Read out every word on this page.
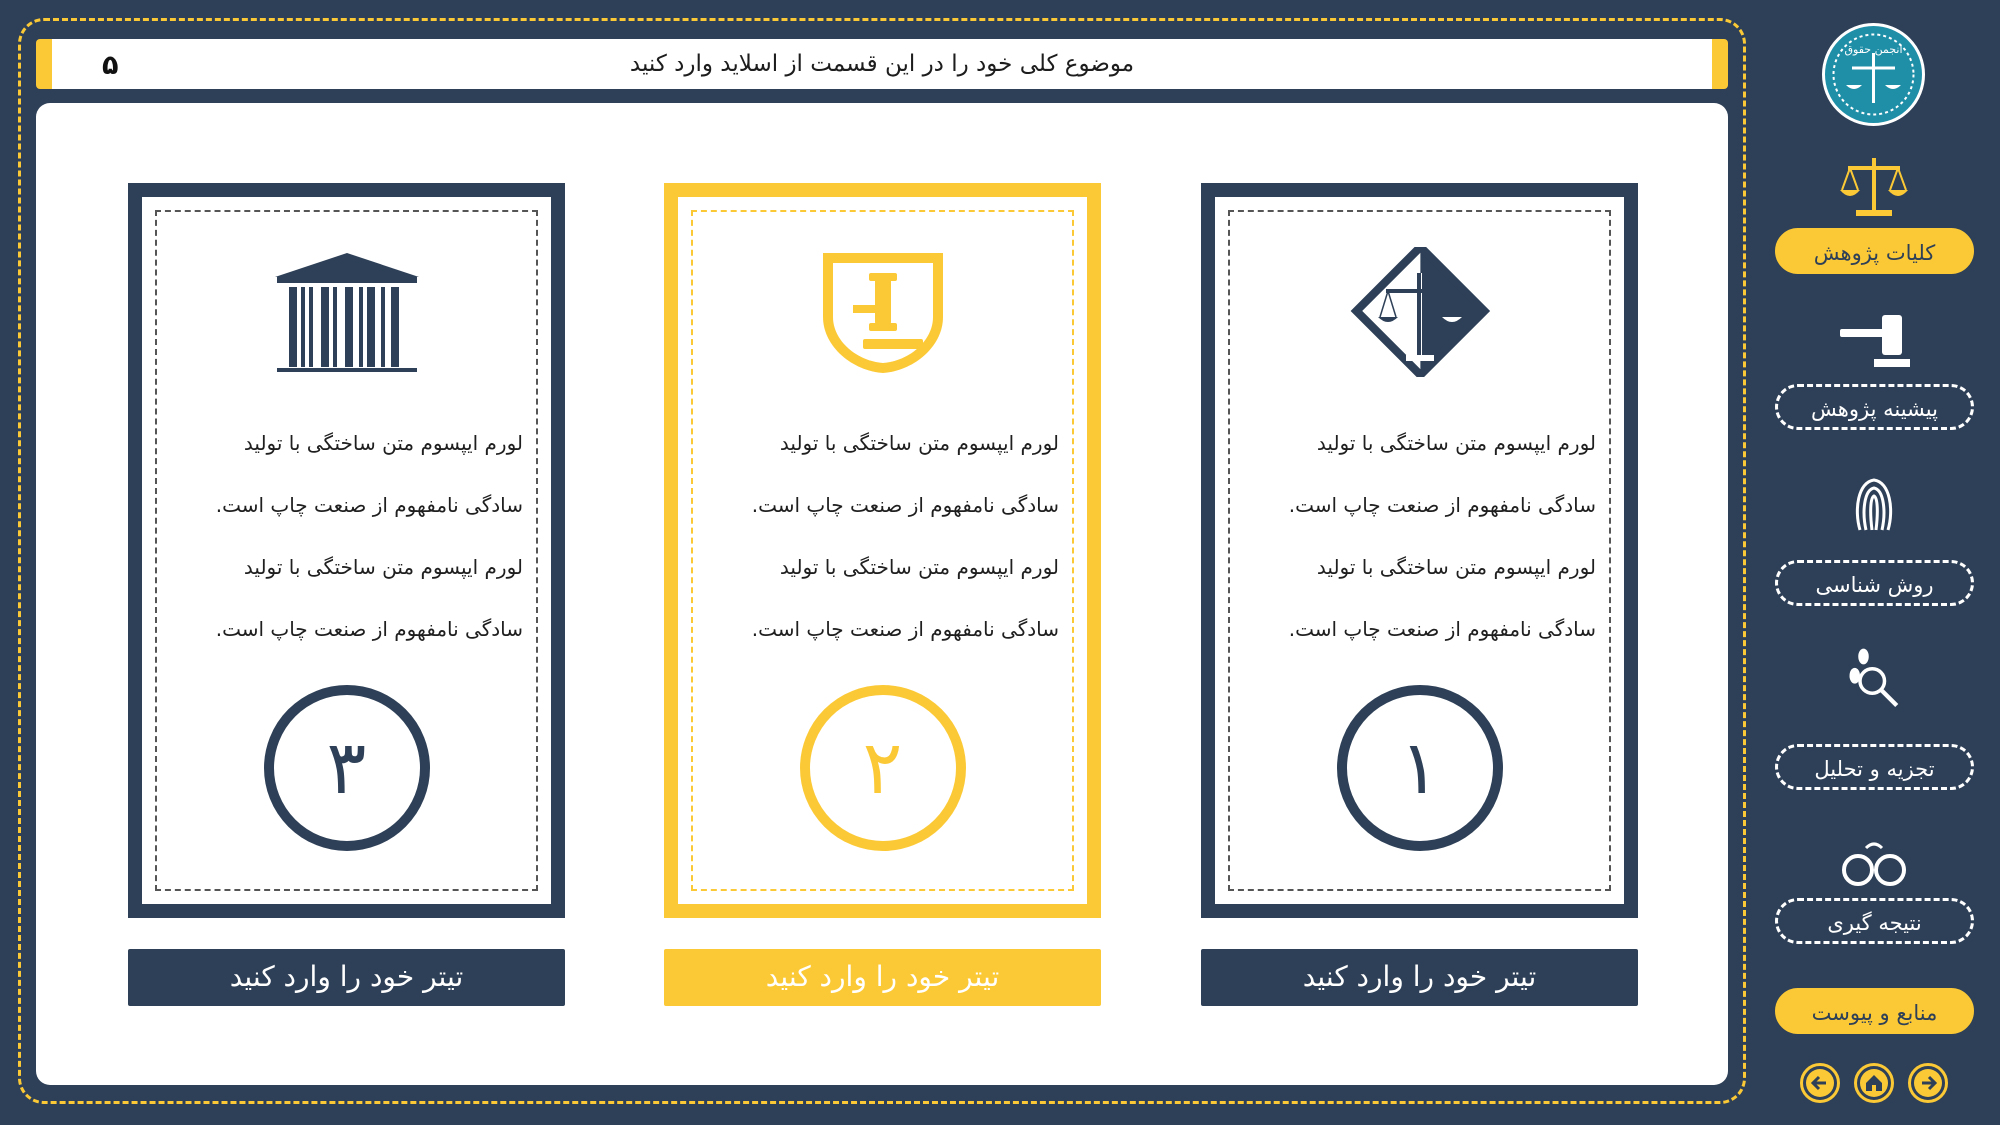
موضوع کلی خود را در این قسمت از اسلاید وارد کنید
۵

لورم ایپسوم متن ساختگی با تولید

سادگی نامفهوم از صنعت چاپ است.

لورم ایپسوم متن ساختگی با تولید

سادگی نامفهوم از صنعت چاپ است.

۳
تیتر خود را وارد کنید

لورم ایپسوم متن ساختگی با تولید

سادگی نامفهوم از صنعت چاپ است.

لورم ایپسوم متن ساختگی با تولید

سادگی نامفهوم از صنعت چاپ است.

۲
تیتر خود را وارد کنید

لورم ایپسوم متن ساختگی با تولید

سادگی نامفهوم از صنعت چاپ است.

لورم ایپسوم متن ساختگی با تولید

سادگی نامفهوم از صنعت چاپ است.

۱
تیتر خود را وارد کنید
انجمن حقوق
کلیات پژوهش
پیشینه پژوهش
روش شناسی
تجزیه و تحلیل
نتیجه گیری
منابع و پیوست
